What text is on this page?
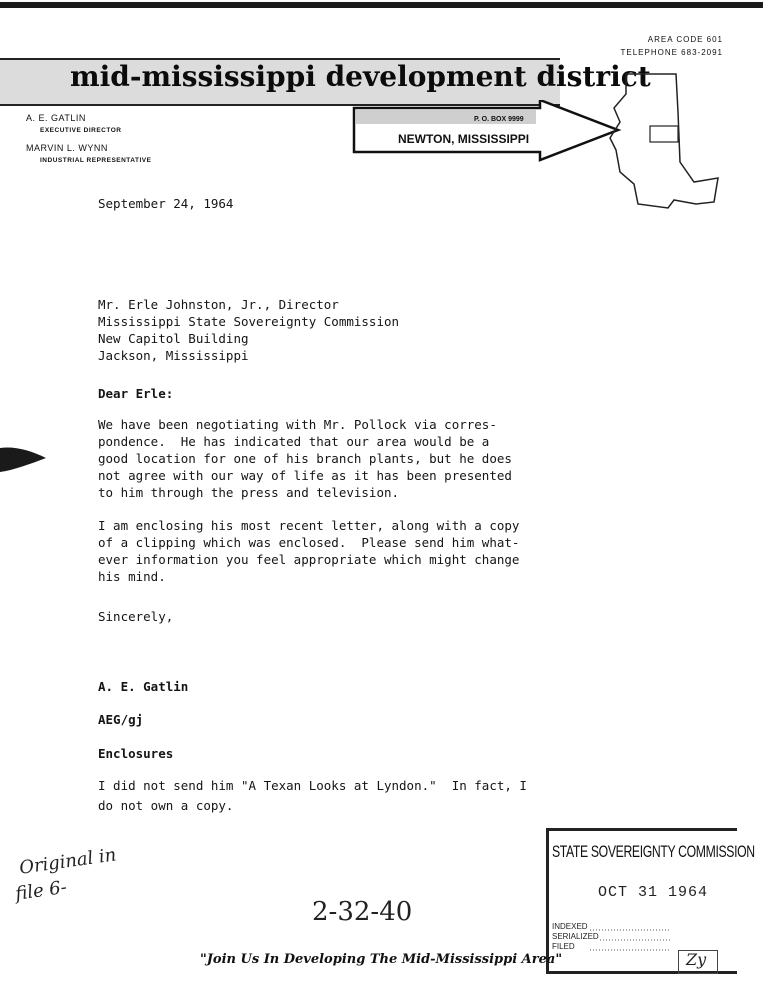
mid-mississippi development district
P. O. BOX 9999
NEWTON, MISSISSIPPI
AREA CODE 601
TELEPHONE 683-2091
A. E. GATLIN
EXECUTIVE DIRECTOR
MARVIN L. WYNN
INDUSTRIAL REPRESENTATIVE
September 24, 1964
Mr. Erle Johnston, Jr., Director
Mississippi State Sovereignty Commission
New Capitol Building
Jackson, Mississippi
Dear Erle:
We have been negotiating with Mr. Pollock via corres-
pondence.  He has indicated that our area would be a
good location for one of his branch plants, but he does
not agree with our way of life as it has been presented
to him through the press and television.
I am enclosing his most recent letter, along with a copy
of a clipping which was enclosed.  Please send him what-
ever information you feel appropriate which might change
his mind.
Sincerely,
A. E. Gatlin
AEG/gj
Enclosures
I did not send him "A Texan Looks at Lyndon."  In fact, I
do not own a copy.
Original in
file 6-
2-32-40
STATE SOVEREIGNTY COMMISSION
OCT 31 1964
INDEXED
SERIALIZED
FILED
Zy
"Join Us In Developing The Mid-Mississippi Area"
